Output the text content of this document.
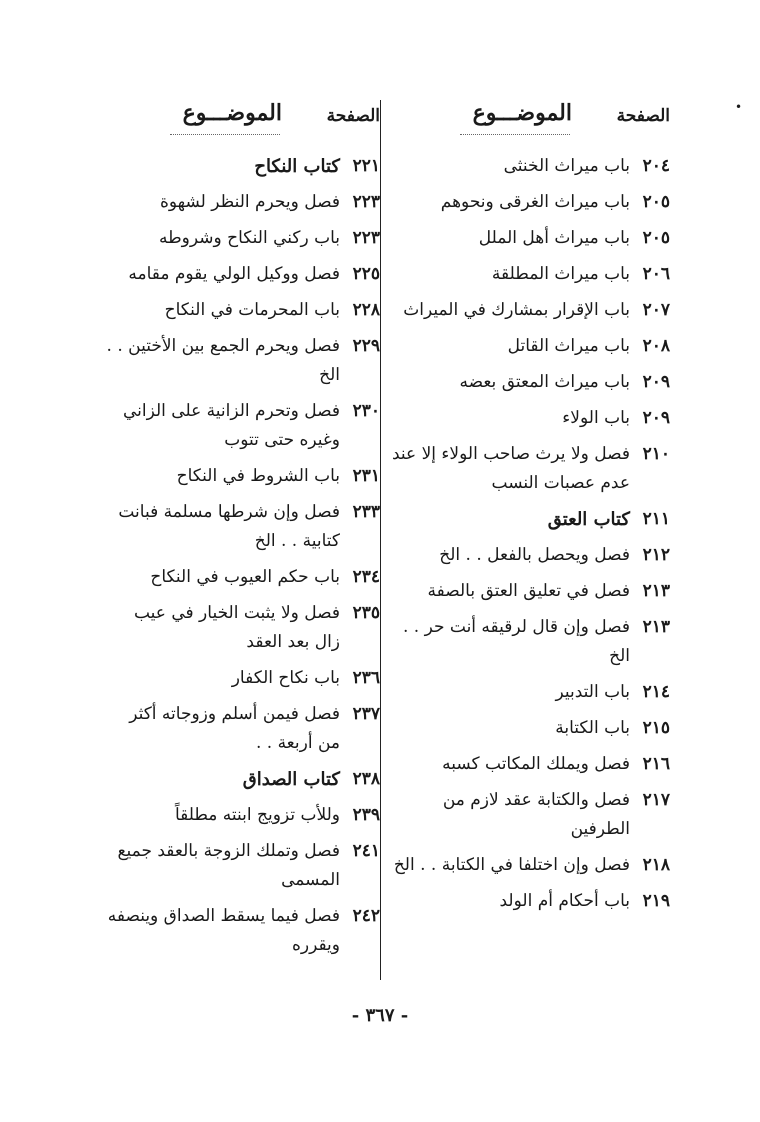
•
الصفحة
الموضـــوع
٢٠٤
باب ميراث الخنثى
٢٠٥
باب ميراث الغرقى ونحوهم
٢٠٥
باب ميراث أهل الملل
٢٠٦
باب ميراث المطلقة
٢٠٧
باب الإقرار بمشارك في الميراث
٢٠٨
باب ميراث القاتل
٢٠٩
باب ميراث المعتق بعضه
٢٠٩
باب الولاء
٢١٠
فصل ولا يرث صاحب الولاء إلا عند عدم عصبات النسب
٢١١
كتاب العتق
٢١٢
فصل ويحصل بالفعل . . الخ
٢١٣
فصل في تعليق العتق بالصفة
٢١٣
فصل وإن قال لرقيقه أنت حر . . الخ
٢١٤
باب التدبير
٢١٥
باب الكتابة
٢١٦
فصل ويملك المكاتب كسبه
٢١٧
فصل والكتابة عقد لازم من الطرفين
٢١٨
فصل وإن اختلفا في الكتابة . . الخ
٢١٩
باب أحكام أم الولد
الصفحة
الموضـــوع
٢٢١
كتاب النكاح
٢٢٣
فصل ويحرم النظر لشهوة
٢٢٣
باب ركني النكاح وشروطه
٢٢٥
فصل ووكيل الولي يقوم مقامه
٢٢٨
باب المحرمات في النكاح
٢٢٩
فصل ويحرم الجمع بين الأختين . . الخ
٢٣٠
فصل وتحرم الزانية على الزاني وغيره حتى تتوب
٢٣١
باب الشروط في النكاح
٢٣٣
فصل وإن شرطها مسلمة فبانت كتابية . . الخ
٢٣٤
باب حكم العيوب في النكاح
٢٣٥
فصل ولا يثبت الخيار في عيب زال بعد العقد
٢٣٦
باب نكاح الكفار
٢٣٧
فصل فيمن أسلم وزوجاته أكثر من أربعة . .
٢٣٨
كتاب الصداق
٢٣٩
وللأب تزويج ابنته مطلقاً
٢٤١
فصل وتملك الزوجة بالعقد جميع المسمى
٢٤٢
فصل فيما يسقط الصداق وينصفه ويقرره
- ٣٦٧ -
